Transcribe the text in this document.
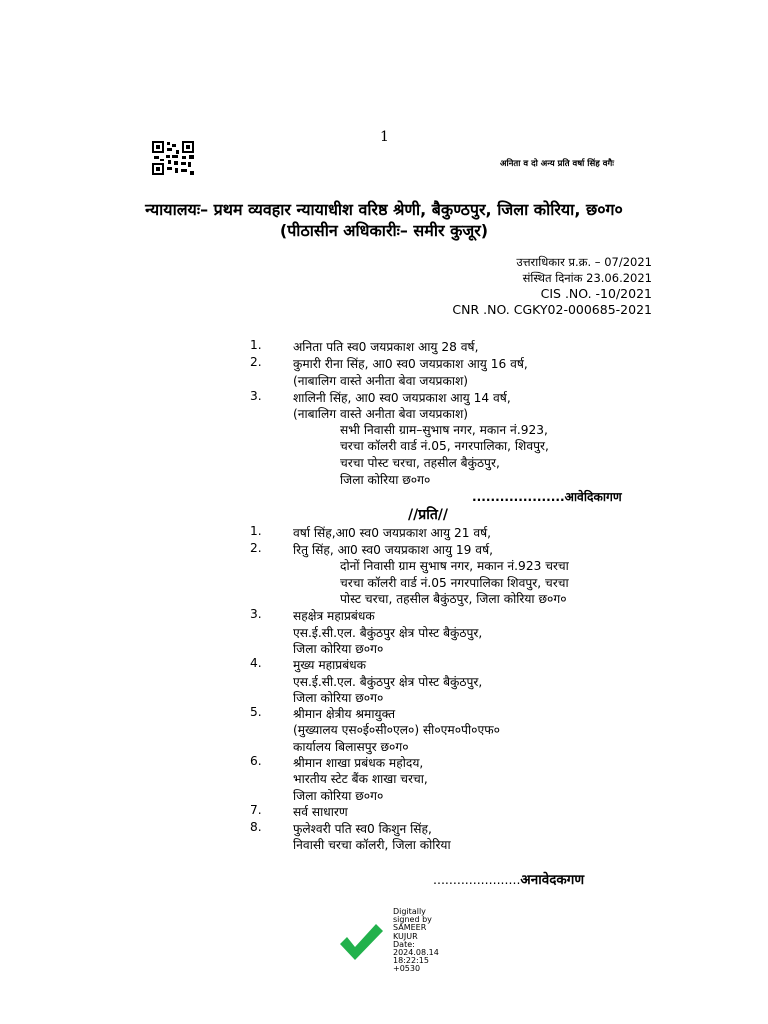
1
अनिता व दो अन्य प्रति वर्षा सिंह वगैः
न्यायालयः– प्रथम व्यवहार न्यायाधीश वरिष्ठ श्रेणी, बैकुण्ठपुर, जिला कोरिया, छ०ग०
(पीठासीन अधिकारीः– समीर कुजूर)
उत्तराधिकार प्र.क्र. – 07/2021
संस्थित दिनांक 23.06.2021
CIS .NO. -10/2021
CNR .NO. CGKY02-000685-2021
1.	अनिता पति स्व0 जयप्रकाश आयु 28 वर्ष,
2.	कुमारी रीना सिंह, आ0 स्व0 जयप्रकाश आयु 16 वर्ष,
(नाबालिग वास्ते अनीता बेवा जयप्रकाश)
3.	शालिनी सिंह, आ0 स्व0 जयप्रकाश आयु 14 वर्ष,
(नाबालिग वास्ते अनीता बेवा जयप्रकाश)
सभी निवासी ग्राम–सुभाष नगर, मकान नं.923,
चरचा कॉलरी वार्ड नं.05, नगरपालिका, शिवपुर,
चरचा पोस्ट चरचा, तहसील बैकुंठपुर,
जिला कोरिया छ०ग०
....................आवेदिकागण
//प्रति//
1.	वर्षा सिंह,आ0 स्व0 जयप्रकाश आयु 21 वर्ष,
2.	रितु सिंह, आ0 स्व0 जयप्रकाश आयु 19 वर्ष,
दोनों निवासी ग्राम सुभाष नगर, मकान नं.923 चरचा
चरचा कॉलरी वार्ड नं.05 नगरपालिका शिवपुर, चरचा
पोस्ट चरचा, तहसील बैकुंठपुर, जिला कोरिया छ०ग०
3.	सहक्षेत्र महाप्रबंधक
एस.ई.सी.एल. बैकुंठपुर क्षेत्र पोस्ट बैकुंठपुर,
जिला कोरिया छ०ग०
4.	मुख्य महाप्रबंधक
एस.ई.सी.एल. बैकुंठपुर क्षेत्र पोस्ट बैकुंठपुर,
जिला कोरिया छ०ग०
5.	श्रीमान क्षेत्रीय श्रमायुक्त
(मुख्यालय एस०ई०सी०एल०) सी०एम०पी०एफ०
कार्यालय बिलासपुर छ०ग०
6.	श्रीमान शाखा प्रबंधक महोदय,
भारतीय स्टेट बैंक शाखा चरचा,
जिला कोरिया छ०ग०
7.	सर्व साधारण
8.	फुलेश्वरी पति स्व0 किशुन सिंह,
निवासी चरचा कॉलरी, जिला कोरिया
......................अनावेदकगण
Digitally
signed by
SAMEER
KUJUR
Date:
2024.08.14
18:22:15
+0530
